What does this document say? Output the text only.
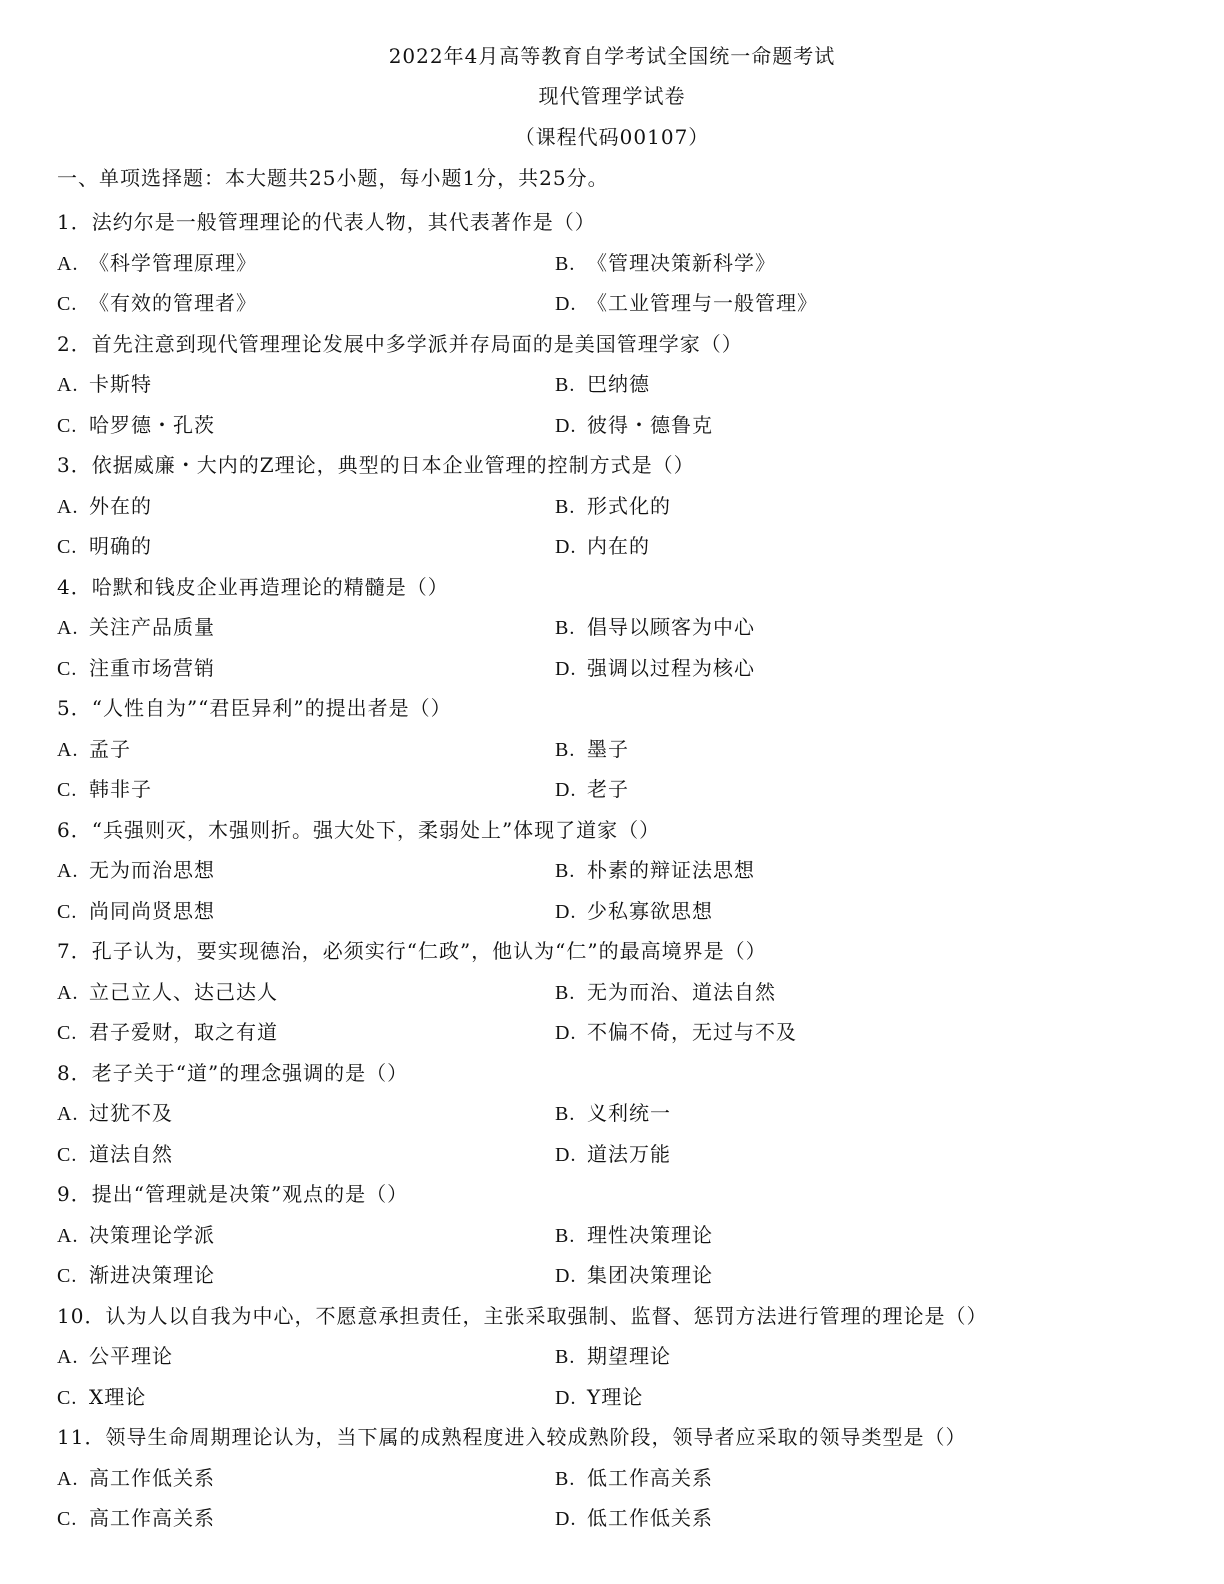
2022年4月高等教育自学考试全国统一命题考试
现代管理学试卷
（课程代码00107）
一、单项选择题：本大题共25小题，每小题1分，共25分。
1．法约尔是一般管理理论的代表人物，其代表著作是（）
A. 《科学管理原理》	B. 《管理决策新科学》
C. 《有效的管理者》	D. 《工业管理与一般管理》
2．首先注意到现代管理理论发展中多学派并存局面的是美国管理学家（）
A. 卡斯特	B. 巴纳德
C. 哈罗德・孔茨	D. 彼得・德鲁克
3．依据威廉・大内的Z理论，典型的日本企业管理的控制方式是（）
A. 外在的	B. 形式化的
C. 明确的	D. 内在的
4．哈默和钱皮企业再造理论的精髓是（）
A. 关注产品质量	B. 倡导以顾客为中心
C. 注重市场营销	D. 强调以过程为核心
5．“人性自为”“君臣异利”的提出者是（）
A. 孟子	B. 墨子
C. 韩非子	D. 老子
6．“兵强则灭，木强则折。强大处下，柔弱处上”体现了道家（）
A. 无为而治思想	B. 朴素的辩证法思想
C. 尚同尚贤思想	D. 少私寡欲思想
7．孔子认为，要实现德治，必须实行“仁政”，他认为“仁”的最高境界是（）
A. 立己立人、达己达人	B. 无为而治、道法自然
C. 君子爱财，取之有道	D. 不偏不倚，无过与不及
8．老子关于“道”的理念强调的是（）
A. 过犹不及	B. 义利统一
C. 道法自然	D. 道法万能
9．提出“管理就是决策”观点的是（）
A. 决策理论学派	B. 理性决策理论
C. 渐进决策理论	D. 集团决策理论
10．认为人以自我为中心，不愿意承担责任，主张采取强制、监督、惩罚方法进行管理的理论是（）
A. 公平理论	B. 期望理论
C. X理论	D. Y理论
11．领导生命周期理论认为，当下属的成熟程度进入较成熟阶段，领导者应采取的领导类型是（）
A. 高工作低关系	B. 低工作高关系
C. 高工作高关系	D. 低工作低关系
